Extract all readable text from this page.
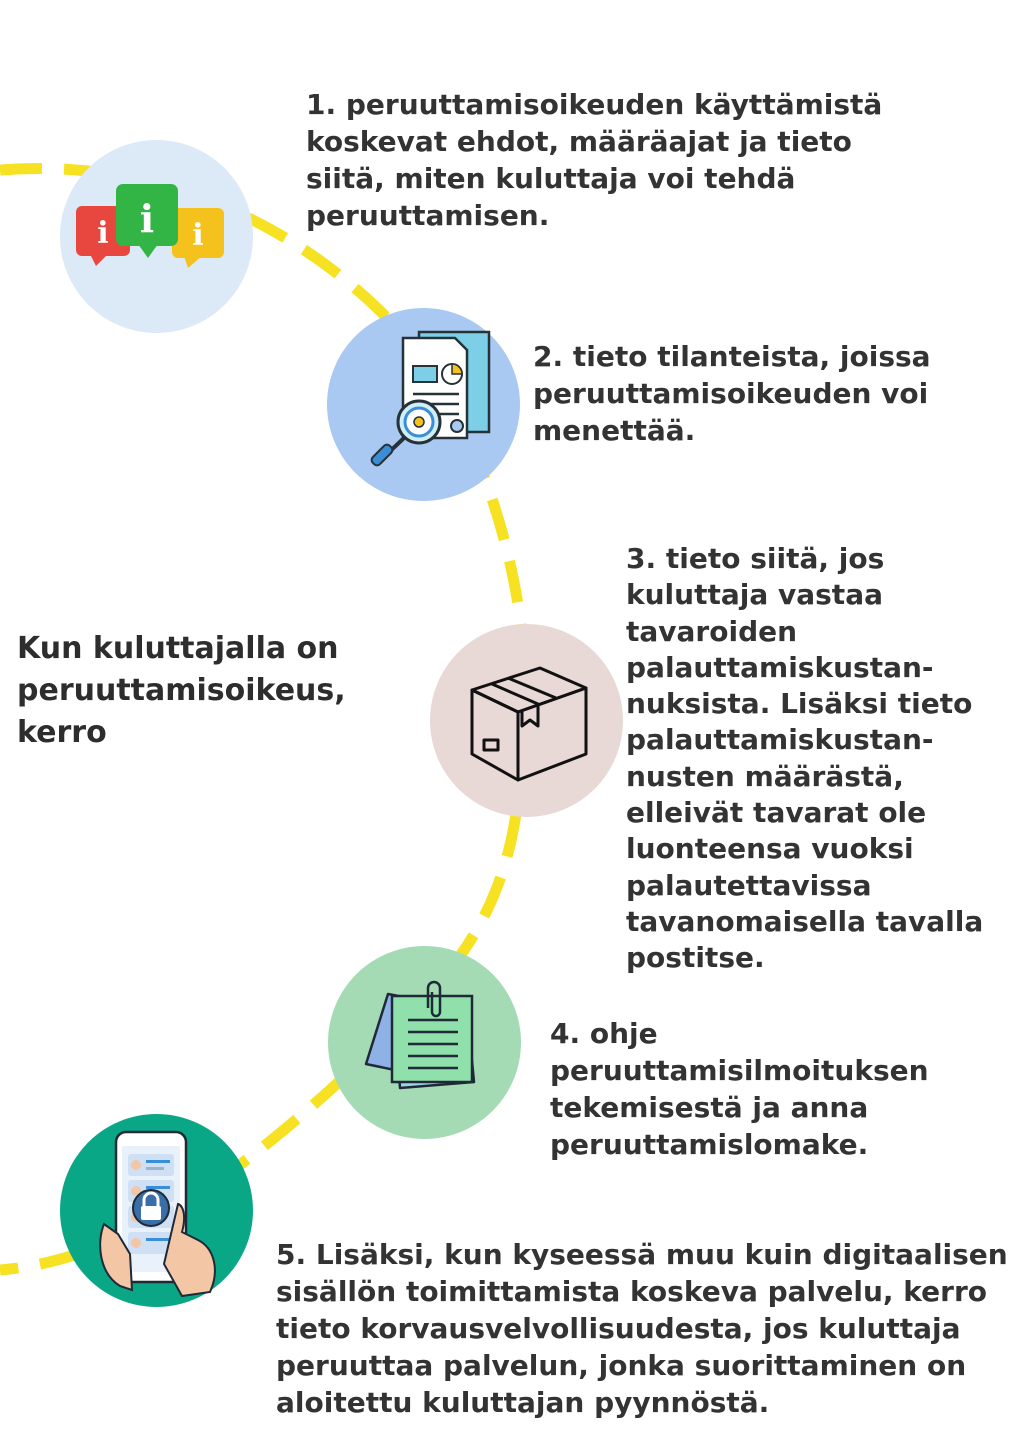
i	i
i

1. peruuttamisoikeuden käyttämistä koskevat ehdot, määräajat ja tieto siitä, miten kuluttaja voi tehdä peruuttamisen.

2. tieto tilanteista, joissa peruuttamisoikeuden voi menettää.

3. tieto siitä, jos kuluttaja vastaa tavaroiden palauttamiskustan-nuksista. Lisäksi tieto palauttamiskustan-nusten määrästä, elleivät tavarat ole luonteensa vuoksi palautettavissa tavanomaisella tavalla postitse.

4. ohje peruuttamisilmoituksen tekemisestä ja anna peruuttamislomake.

5. Lisäksi, kun kyseessä muu kuin digitaalisen sisällön toimittamista koskeva palvelu, kerro tieto korvausvelvollisuudesta, jos kuluttaja peruuttaa palvelun, jonka suorittaminen on aloitettu kuluttajan pyynnöstä.

Kun kuluttajalla on peruuttamisoikeus, kerro
